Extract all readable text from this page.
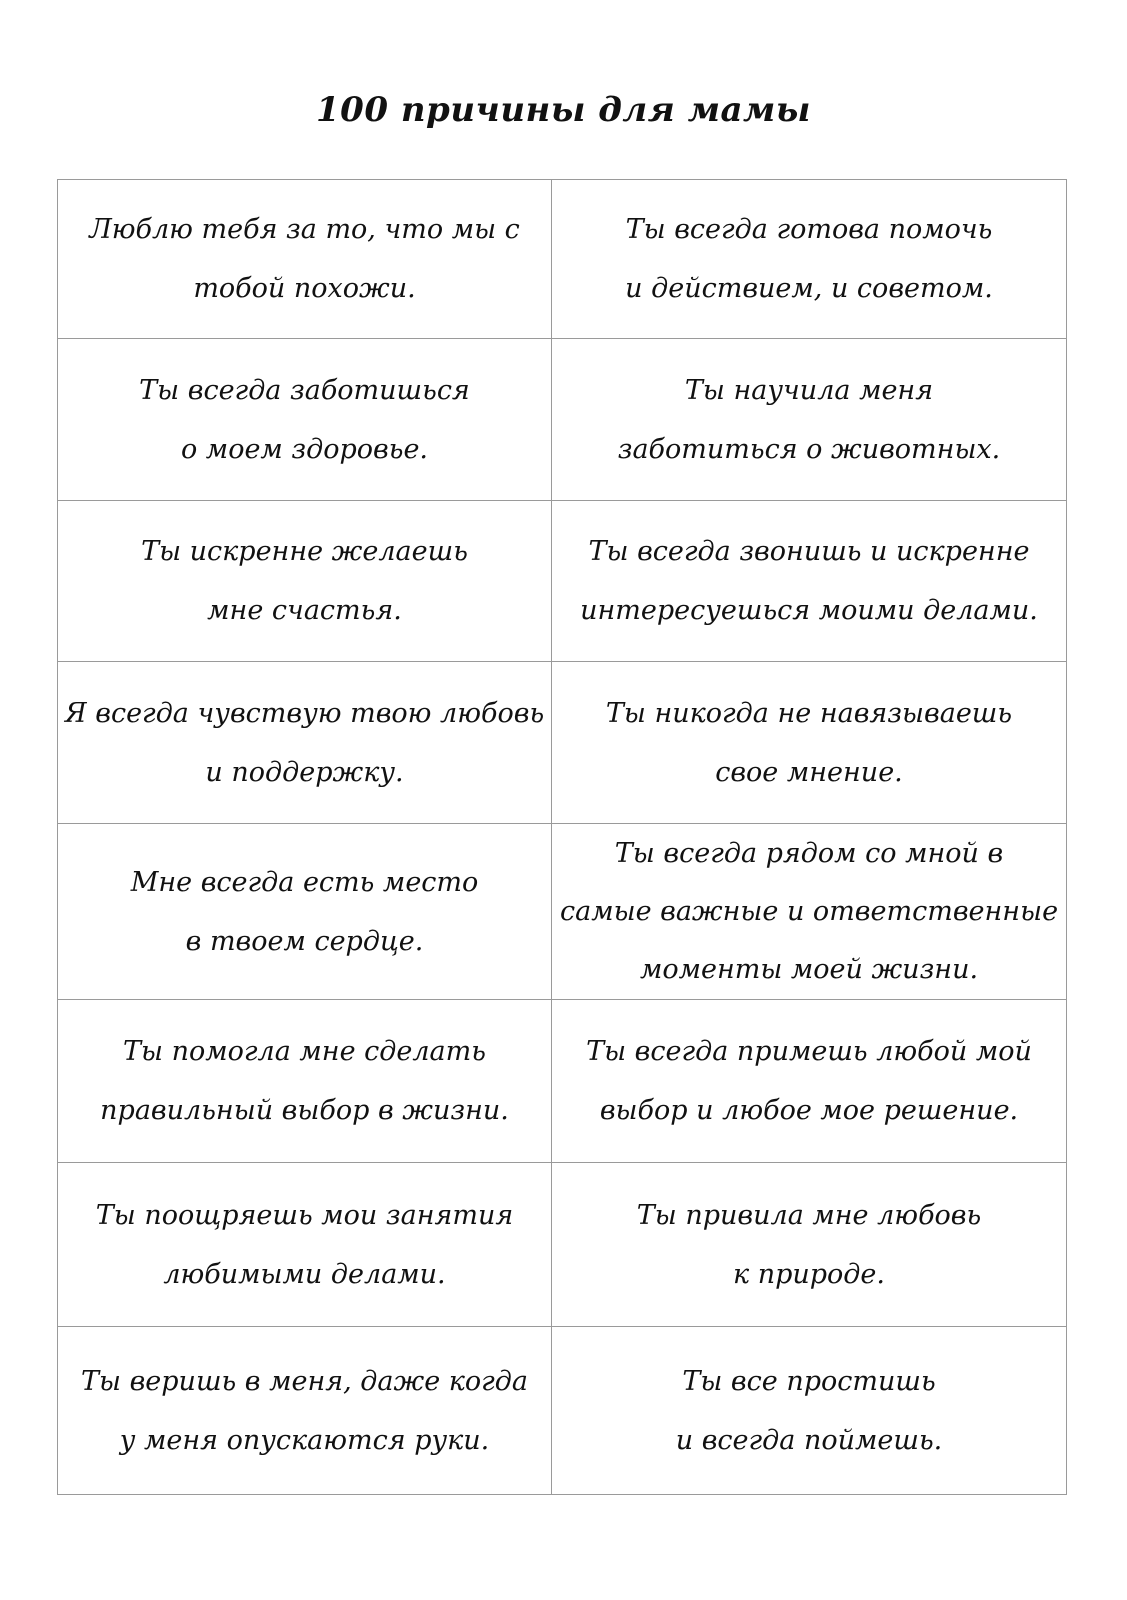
100 причины для мамы
Люблю тебя за то, что мы с
тобой похожи.
Ты всегда готова помочь
и действием, и советом.
Ты всегда заботишься
о моем здоровье.
Ты научила меня
заботиться о животных.
Ты искренне желаешь
мне счастья.
Ты всегда звонишь и искренне
интересуешься моими делами.
Я всегда чувствую твою любовь
и поддержку.
Ты никогда не навязываешь
свое мнение.
Мне всегда есть место
в твоем сердце.
Ты всегда рядом со мной в
самые важные и ответственные
моменты моей жизни.
Ты помогла мне сделать
правильный выбор в жизни.
Ты всегда примешь любой мой
выбор и любое мое решение.
Ты поощряешь мои занятия
любимыми делами.
Ты привила мне любовь
к природе.
Ты веришь в меня, даже когда
у меня опускаются руки.
Ты все простишь
и всегда поймешь.
